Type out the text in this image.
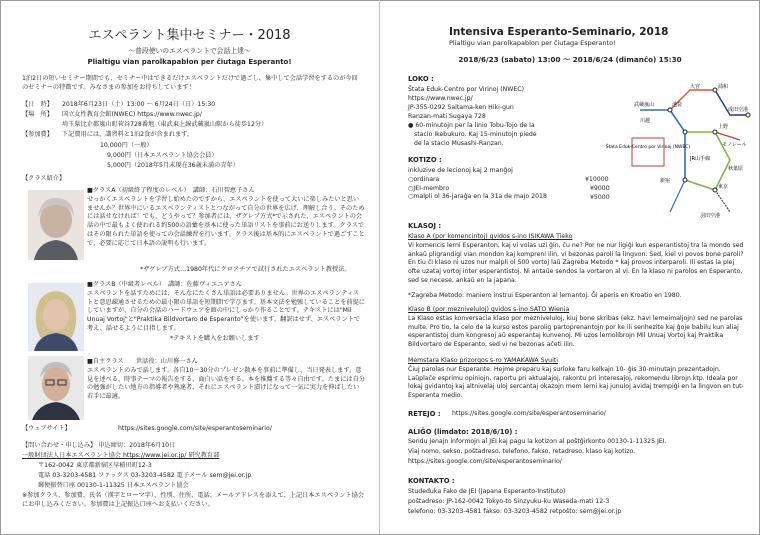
エスペラント集中セミナー・2018
～普段使いのエスペラントで会話上達～
Plialtigu vian parolkapablon per ĉiutaga Esperanto!
1泊2日の短いセミナー期間でも、セミナー中はできるだけエスペラントだけで過ごし、集中して会話学習をするのが今回のセミナーの特徴です。みなさまの参加をお待ちしています！
【日　時】 2018年6月23日（土）13:00 ～ 6月24日（日）15:30
【場　所】 国立女性教育会館(NWEC) https://www.nwec.jp/
埼玉県比企郡嵐山町菅谷728番地（東武東上線武蔵嵐山駅から徒歩12分）
【参加費】 下記費用には、講習料と1泊2食が含まれます。
10,000円（一般）
9,000円（日本エスペラント協会会員）
5,000円（2018年5月末現在36歳未満の青年）
【クラス紹介】
■クラスA（初級終了程度のレベル）　講師：石川智恵子さん
せっかくエスペラントを学習し始めたのですから、エスペラントを使って大いに楽しみたいと思いませんか？世界中にいるエスペランティストとつながって自分の世界を広げ、理解し合う。そのためには話せなければ！でも、どうやって？参加者には、ザグレブ方式*で示された、エスペラントの会話の中で最もよく使われる約500の語彙を基本に使った単語リストを事前にお送りします。クラスではその限られた単語を使っての会話練習を行います。クラス後は基本的にエスペラントで過ごすことで、必要に応じて日本語の説明も行います。
*ザグレブ方式…1980年代にクロアチアで試行されたエスペラント教授法。
■クラスB（中級者レベル）　講師：佐藤ヴィエニアさん
エスペラントを話すためには、そんなにたくさん単語は必要ありません。世界のエスペランティストと意思疎通させるための最小限の単語を短期間で学びます。基本文法を勉強していることを前提にしていますが、自分の会話のハードウェアを頭の中にしっかり作ることです。テキストには"Mil Unuaj Vortoj"と"Praktika Bildvortaro de Esperanto"を使います。翻訳はせず、エスペラントで考え、話せるように目指します。
*テキストを購入をお願いします
■自主クラス　　世話役：山川修一さん
エスペラントのみで話します。各自10～30分のプレゼン散本を事前に準備し、当日発表します。意見を述べる、時事テーマの報告をする、面白い話をする。本を推薦する等々自由です。たまには自分の勉強がしたい地方の指導者や熟達者、それにエスペラント漬けになって一気に実力を伸ばしたい若手に最適。
【ウェブサイト】	https://sites.google.com/site/esperantoseminario/
【問い合わせ・申し込み】 申込締切：2018年6月10日
一般財団法人日本エスペラント協会 https://www.jei.or.jp/ 研究教育部
〒162-0042 東京都新宿区早稲田町12-3
電話 03-3203-4581 ファックス 03-3203-4582 電子メール sem@jei.or.jp
郵便振替口座 00130-1-11325 日本エスペラント協会
※参加クラス、参加費、氏名（漢字とローマ字）、性別、住所、電話、メールアドレスを添えて、上記日本エスペラント協会にお申し込みください。参加費は上記振込口座へお支払いください。
Intensiva Esperanto-Seminario, 2018
Plialtigu vian parolkapablon per ĉiutaga Esperanto!
2018/6/23 (sabato) 13:00 ～ 2018/6/24 (dimanĉo) 15:30
LOKO :
Ŝtata Eduk-Centro por Virinoj (NWEC)
https://www.nwec.jp/
JP-355-0292 Saitama-ken Hiki-gun
Ranzan-mati Sugaya 728
● 60-minutojn per la linio Tobu-Tojo de la
stacio Ikebukuro. Kaj 15-minutojn piede
de la stacio Musashi-Ranzan.
KOTIZO :
inkluzive de lecionoj kaj 2 manĝoj
○ordinara	¥10000
○JEI-membro	¥9000
○malpli ol 36-jaraĝa en la 31a de majo 2018	¥5000
Ŝtata Eduk-Centro por Virinoj (NWEC)
池袋
上野
浦和
大宮
武蔵嵐山
東京
川越
成田空港
羽田空港
新宿
秋葉原
モノレール
JR山手線
KLASOJ :
Klaso A (por komencintoj) gvidos s-ino ISIKAWA Tieko
Vi komencis lerni Esperanton, kaj vi volas uzi ĝin, ĉu ne? Por ne nur ligiĝi kun esperantistoj tra la mondo sed ankaŭ pligrandigi vian mondon kaj kompreni ilin, vi bezonas paroli la lingvon. Sed, kiel vi povos bone paroli? En tiu ĉi klaso ni uzos nur malpli ol 500 vortoj laŭ Zagreba Metodo * kaj provos interparoli. Ili estas la plej ofte uzataj vortoj inter esperantistoj. Ni antaŭe sendos la vortaron al vi. En la klaso ni parolos en Esperanto, sed se necese, ankaŭ en la japana.
*Zagreba Metodo: maniero instrui Esperanton al lernantoj. Ĝi aperis en Kroatio en 1980.
Klaso B (por mezniveluloj) gvidos s-ino SATO Wienia
La Klaso estas konversacia klaso por mezniveluloj, kiuj bone skribas (ekz. havi lerneimaljojn) sed ne parolas multe. Pro tio, la celo de la kurso estos parolig partoprenantojn por ke ili senhezite kaj ĝoje babilu kun aliaj esperantistoj dum kongresoj aŭ esperantaj kunvenoj. Mi uzos lernolibrojn Mil Unuaj Vortoj kaj Praktika Bildvortaro de Esperanto, sed vi ne bezonas aĉeti ilin.
Memstara Klaso prizorgos s-ro YAMAKAWA Syuiti
Ĉiuj parolas nur Esperante. Hejme preparu kaj surloke faru kelkajn 10- ĝis 30-minutajn prezentadojn. Laŭplaĉe esprimu opiniojn, raportu pri aktualajoj, rakontu pri interesaĵoj, rekomendu librojn ktp. Ideala por lokaj gvidantoj kaj altnivelaj uloj sercantaj okazojn mem lerni kaj junuloj avidaj trempiĝi en la lingvon en tut-Esperanta medio.
RETEJO : https://sites.google.com/site/esperantoseminario/
ALIĜO (limdato: 2018/6/10) :
Sendu jenajn informojn al JEI kaj pagu la kotizon al poŝtĝirkonto 00130-1-11325 JEI.
Viaj nomo, sekso, poŝtadreso, telefono, fakso, retadreso, klaso kaj kotizo.
https://sites.google.com/site/esperantoseminario/
KONTAKTO :
Studeduka Fako de JEI (Japana Esperanto-Instituto)
poŝtadreso: JP-162-0042 Tokyo-to Sinzyuku-ku Waseda-mati 12-3
telefono: 03-3203-4581 fakso: 03-3203-4582 retpoŝto: sem@jei.or.jp
